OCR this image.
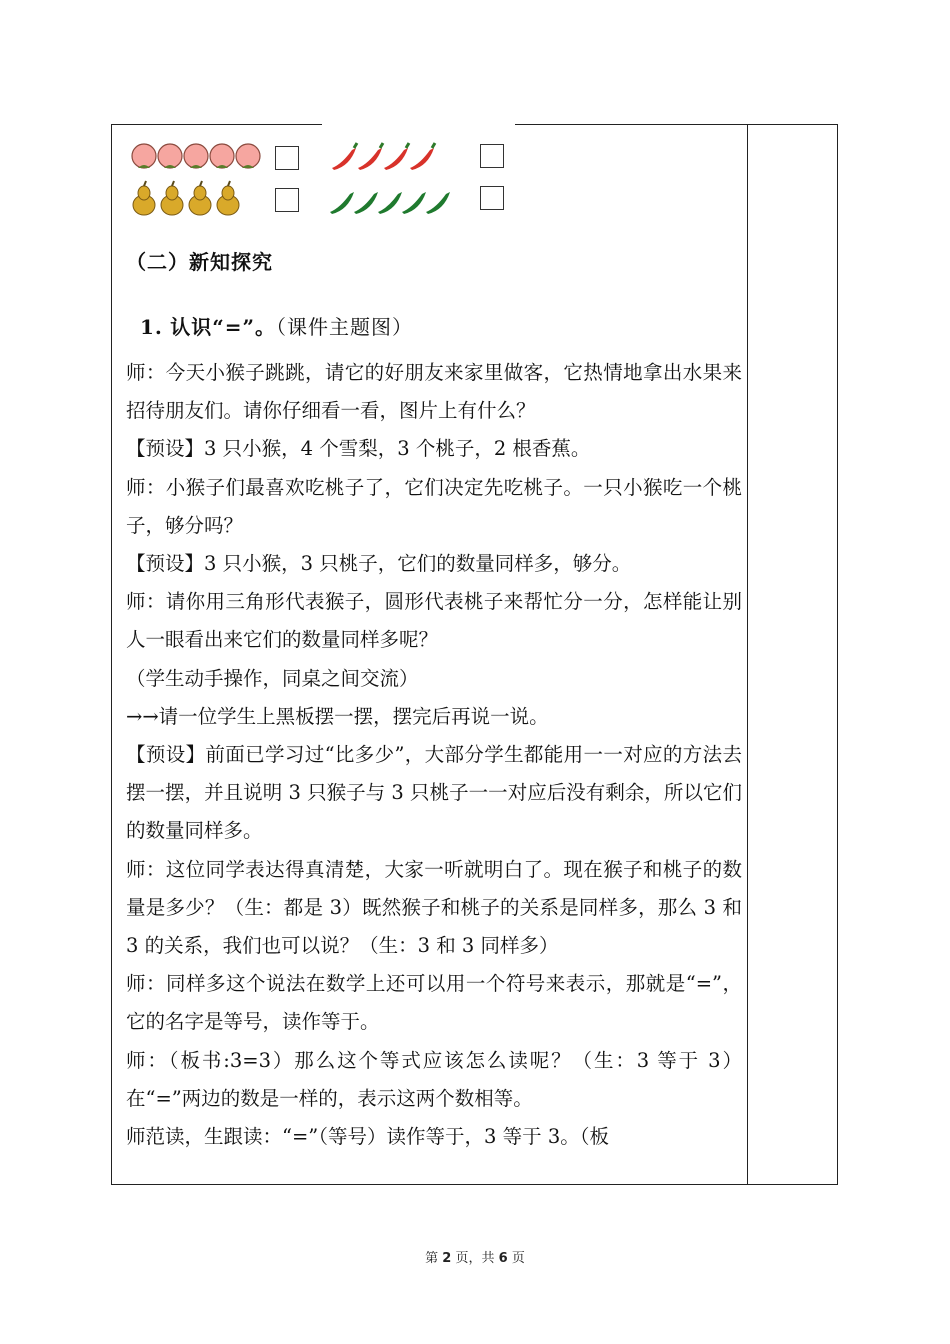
（二）新知探究
1. 认识“=”。（课件主题图）

师：今天小猴子跳跳，请它的好朋友来家里做客，它热情地拿出水果来招待朋友们。请你仔细看一看，图片上有什么？

【预设】3 只小猴，4 个雪梨，3 个桃子，2 根香蕉。

师：小猴子们最喜欢吃桃子了，它们决定先吃桃子。一只小猴吃一个桃子，够分吗？

【预设】3 只小猴，3 只桃子，它们的数量同样多，够分。

师：请你用三角形代表猴子，圆形代表桃子来帮忙分一分，怎样能让别人一眼看出来它们的数量同样多呢？

（学生动手操作，同桌之间交流）

→→请一位学生上黑板摆一摆，摆完后再说一说。

【预设】前面已学习过“比多少”，大部分学生都能用一一对应的方法去摆一摆，并且说明 3 只猴子与 3 只桃子一一对应后没有剩余，所以它们的数量同样多。

师：这位同学表达得真清楚，大家一听就明白了。现在猴子和桃子的数量是多少？（生：都是 3）既然猴子和桃子的关系是同样多，那么 3 和 3 的关系，我们也可以说？（生：3 和 3 同样多）

师：同样多这个说法在数学上还可以用一个符号来表示，那就是“=”，它的名字是等号，读作等于。

师：（板书:3=3）那么这个等式应该怎么读呢？（生：3 等于 3）在“=”两边的数是一样的，表示这两个数相等。

师范读，生跟读：“=”（等号）读作等于，3 等于 3。（板

第 2 页，共 6 页
